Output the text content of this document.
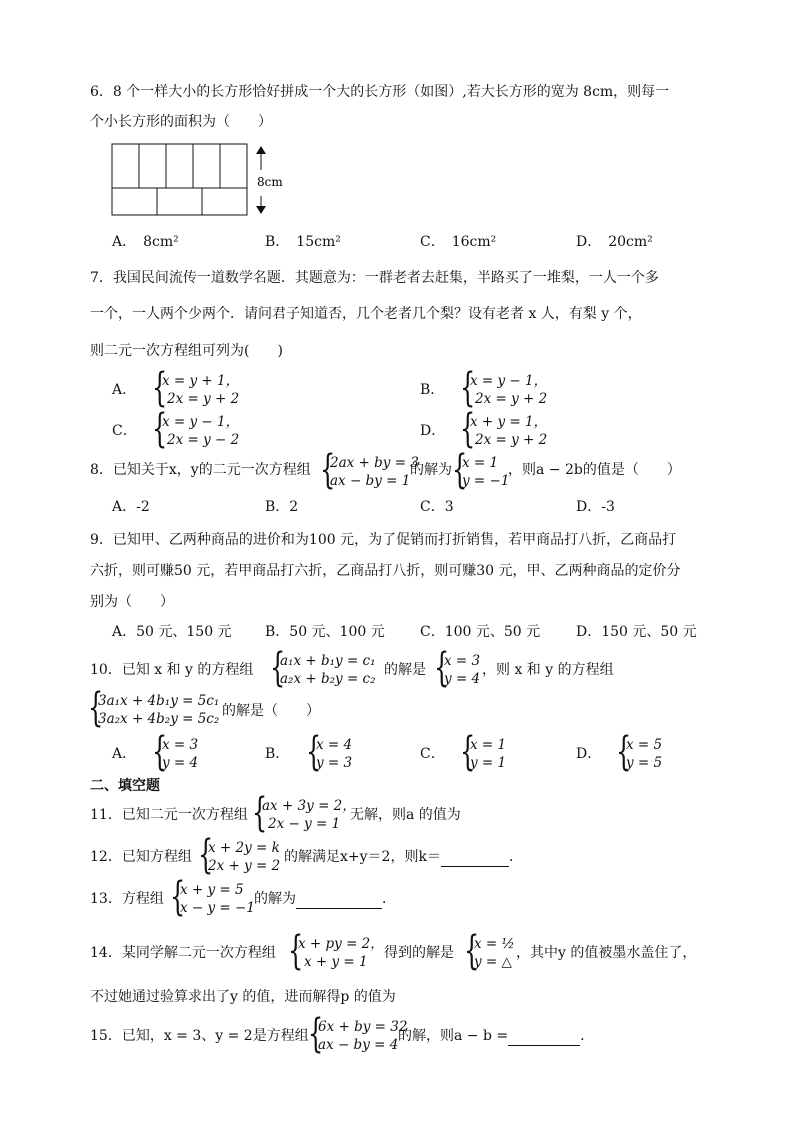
6．8 个一样大小的长方形恰好拼成一个大的长方形（如图）,若大长方形的宽为 8cm，则每一
个小长方形的面积为（　　）
8cm
A．　8cm²	B．　15cm²	C．　16cm²	D．　20cm²
7．我国民间流传一道数学名题．其题意为：一群老者去赶集，半路买了一堆梨，一人一个多
一个，一人两个少两个．请问君子知道否，几个老者几个梨？设有老者 x 人，有梨 y 个，
则二元一次方程组可列为(　　)
A． {
x = y + 1，
2x = y + 2
B． {
x = y − 1，
2x = y + 2
C． {
x = y − 1，
2x = y − 2
D． {
x + y = 1，
2x = y + 2
8．已知关于x，y的二元一次方程组 {
2ax + by = 3
ax − by = 1
的解为 {
x = 1
y = −1
，则a − 2b的值是（　　）
A．-2	B．2	C．3	D．-3
9．已知甲、乙两种商品的进价和为100 元，为了促销而打折销售，若甲商品打八折，乙商品打
六折，则可赚50 元，若甲商品打六折，乙商品打八折，则可赚30 元，甲、乙两种商品的定价分
别为（　　）
A．50 元、150 元 B．50 元、100 元	C．100 元、50 元	D．150 元、50 元
10．已知 x 和 y 的方程组 {
a₁x + b₁y = c₁
a₂x + b₂y = c₂
的解是 {
x = 3
y = 4
，则 x 和 y 的方程组
{
3a₁x + 4b₁y = 5c₁
3a₂x + 4b₂y = 5c₂ 的解是（　　）
A． {
x = 3
y = 4
B． {
x = 4
y = 3
C． {
x = 1
y = 1
D． {
x = 5
y = 5
二、填空题
11．已知二元一次方程组 {
ax + 3y = 2，
2x − y = 1
无解，则a 的值为
12．已知方程组 {
x + 2y = k
2x + y = 2
的解满足x+y＝2，则k＝	．
13．方程组 {
x + y = 5
x − y = −1
的解为	．
14．某同学解二元一次方程组 {
x + py = 2，
x + y = 1
得到的解是 {
x = ½
y = △
，其中y 的值被墨水盖住了，
不过她通过验算求出了y 的值，进而解得p 的值为
15．已知，x = 3、y = 2是方程组 {
6x + by = 32
ax − by = 4
的解，则a − b =	．
